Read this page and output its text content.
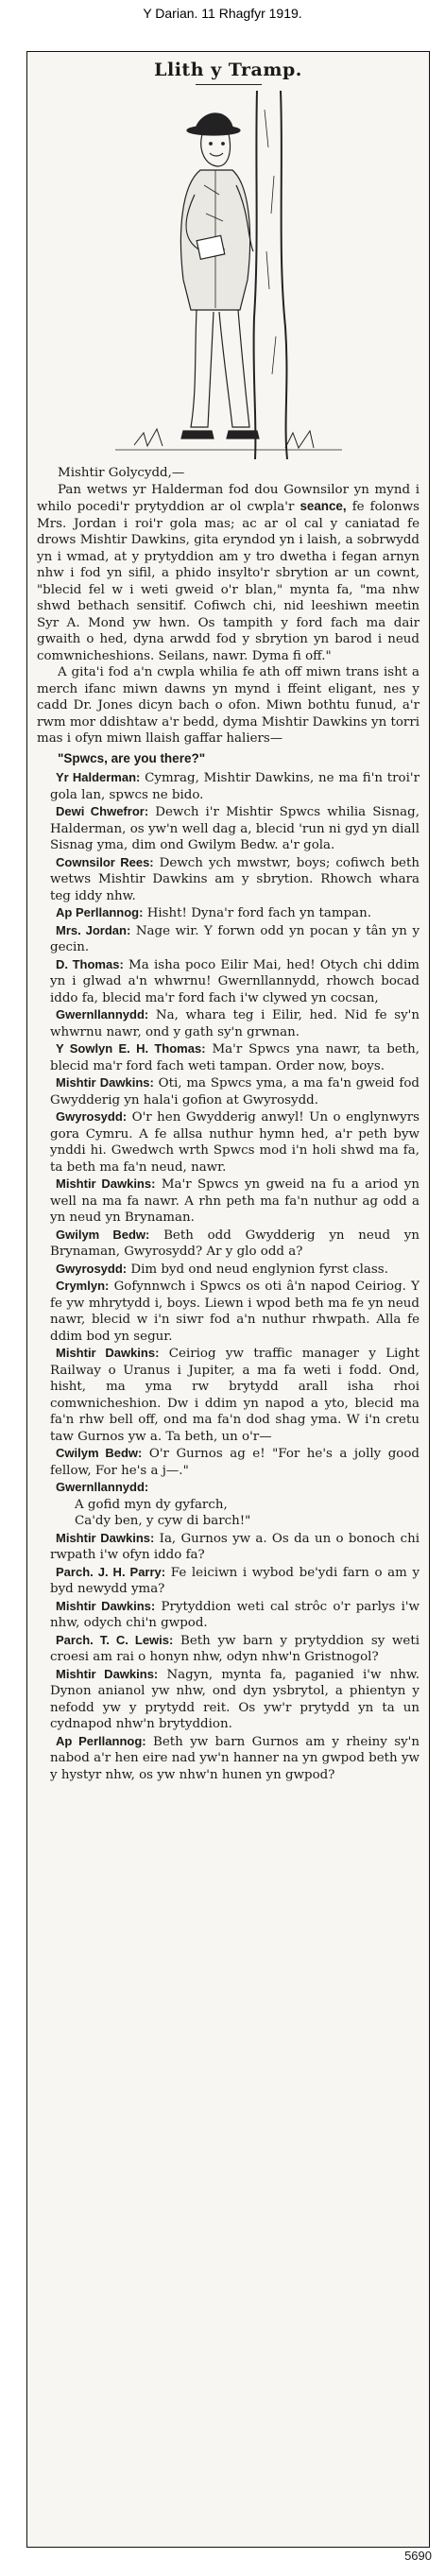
Y Darian. 11 Rhagfyr 1919.
Llith y Tramp.

Mishtir Golycydd,—

Pan wetws yr Halderman fod dou Gownsilor yn mynd i whilo pocedi'r prytyddion ar ol cwpla'r seance, fe folonws Mrs. Jordan i roi'r gola mas; ac ar ol cal y caniatad fe drows Mishtir Dawkins, gita eryndod yn i laish, a sobrwydd yn i wmad, at y prytyddion am y tro dwetha i fegan arnyn nhw i fod yn sifil, a phido insylto'r sbrytion ar un cownt, "blecid fel w i weti gweid o'r blan," mynta fa, "ma nhw shwd bethach sensitif. Cofiwch chi, nid leeshiwn meetin Syr A. Mond yw hwn. Os tampith y ford fach ma dair gwaith o hed, dyna arwdd fod y sbrytion yn barod i neud comwnicheshions. Seilans, nawr. Dyma fi off."

A gita'i fod a'n cwpla whilia fe ath off miwn trans isht a merch ifanc miwn dawns yn mynd i ffeint eligant, nes y cadd Dr. Jones dicyn bach o ofon. Miwn bothtu funud, a'r rwm mor ddishtaw a'r bedd, dyma Mishtir Dawkins yn torri mas i ofyn miwn llaish gaffar haliers—

"Spwcs, are you there?"

Yr Halderman: Cymrag, Mishtir Dawkins, ne ma fi'n troi'r gola lan, spwcs ne bido.

Dewi Chwefror: Dewch i'r Mishtir Spwcs whilia Sisnag, Halderman, os yw'n well dag a, blecid 'run ni gyd yn diall Sisnag yma, dim ond Gwilym Bedw. a'r gola.

Cownsilor Rees: Dewch ych mwstwr, boys; cofiwch beth wetws Mishtir Dawkins am y sbrytion. Rhowch whara teg iddy nhw.

Ap Perllannog: Hisht! Dyna'r ford fach yn tampan.

Mrs. Jordan: Nage wir. Y forwn odd yn pocan y tân yn y gecin.

D. Thomas: Ma isha poco Eilir Mai, hed! Otych chi ddim yn i glwad a'n whwrnu! Gwernllannydd, rhowch bocad iddo fa, blecid ma'r ford fach i'w clywed yn cocsan,

Gwernllannydd: Na, whara teg i Eilir, hed. Nid fe sy'n whwrnu nawr, ond y gath sy'n grwnan.

Y Sowlyn E. H. Thomas: Ma'r Spwcs yna nawr, ta beth, blecid ma'r ford fach weti tampan. Order now, boys.

Mishtir Dawkins: Oti, ma Spwcs yma, a ma fa'n gweid fod Gwydderig yn hala'i gofion at Gwyrosydd.

Gwyrosydd: O'r hen Gwydderig anwyl! Un o englynwyrs gora Cymru. A fe allsa nuthur hymn hed, a'r peth byw ynddi hi. Gwedwch wrth Spwcs mod i'n holi shwd ma fa, ta beth ma fa'n neud, nawr.

Mishtir Dawkins: Ma'r Spwcs yn gweid na fu a ariod yn well na ma fa nawr. A rhn peth ma fa'n nuthur ag odd a yn neud yn Brynaman.

Gwilym Bedw: Beth odd Gwydderig yn neud yn Brynaman, Gwyrosydd? Ar y glo odd a?

Gwyrosydd: Dim byd ond neud englynion fyrst class.

Crymlyn: Gofynnwch i Spwcs os oti â'n napod Ceiriog. Y fe yw mhrytydd i, boys. Liewn i wpod beth ma fe yn neud nawr, blecid w i'n siwr fod a'n nuthur rhwpath. Alla fe ddim bod yn segur.

Mishtir Dawkins: Ceiriog yw traffic manager y Light Railway o Uranus i Jupiter, a ma fa weti i fodd. Ond, hisht, ma yma rw brytydd arall isha rhoi comwnicheshion. Dw i ddim yn napod a yto, blecid ma fa'n rhw bell off, ond ma fa'n dod shag yma. W i'n cretu taw Gurnos yw a. Ta beth, un o'r—

Cwilym Bedw: O'r Gurnos ag e! "For he's a jolly good fellow, For he's a j—."

Gwernllannydd:

A gofid myn dy gyfarch,

Ca'dy ben, y cyw di barch!"

Mishtir Dawkins: Ia, Gurnos yw a. Os da un o bonoch chi rwpath i'w ofyn iddo fa?

Parch. J. H. Parry: Fe leiciwn i wybod be'ydi farn o am y byd newydd yma?

Mishtir Dawkins: Prytyddion weti cal strôc o'r parlys i'w nhw, odych chi'n gwpod.

Parch. T. C. Lewis: Beth yw barn y prytyddion sy weti croesi am rai o honyn nhw, odyn nhw'n Gristnogol?

Mishtir Dawkins: Nagyn, mynta fa, paganied i'w nhw. Dynon anianol yw nhw, ond dyn ysbrytol, a phientyn y nefodd yw y prytydd reit. Os yw'r prytydd yn ta un cydnapod nhw'n brytyddion.

Ap Perllannog: Beth yw barn Gurnos am y rheiny sy'n nabod a'r hen eire nad yw'n hanner na yn gwpod beth yw y hystyr nhw, os yw nhw'n hunen yn gwpod?

5690
